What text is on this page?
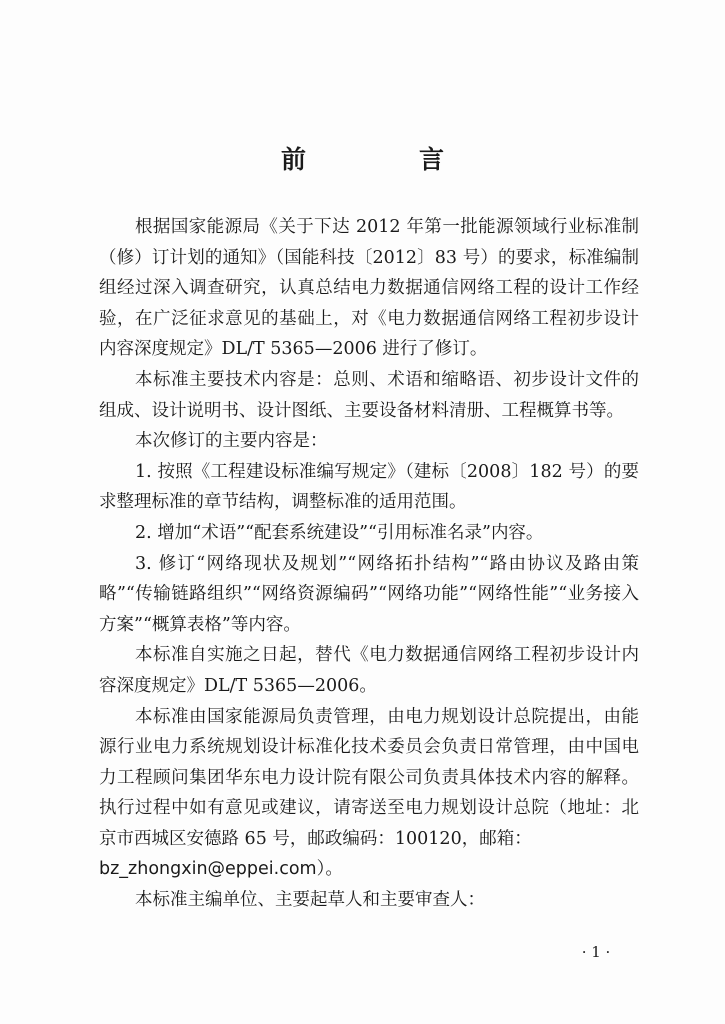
前　言

根据国家能源局《关于下达 2012 年第一批能源领域行业标准制（修）订计划的通知》（国能科技〔2012〕83 号）的要求，标准编制组经过深入调查研究，认真总结电力数据通信网络工程的设计工作经验，在广泛征求意见的基础上，对《电力数据通信网络工程初步设计内容深度规定》DL/T 5365—2006 进行了修订。

本标准主要技术内容是：总则、术语和缩略语、初步设计文件的组成、设计说明书、设计图纸、主要设备材料清册、工程概算书等。

本次修订的主要内容是：

1. 按照《工程建设标准编写规定》（建标〔2008〕182 号）的要求整理标准的章节结构，调整标准的适用范围。

2. 增加“术语”“配套系统建设”“引用标准名录”内容。

3. 修订“网络现状及规划”“网络拓扑结构”“路由协议及路由策略”“传输链路组织”“网络资源编码”“网络功能”“网络性能”“业务接入方案”“概算表格”等内容。

本标准自实施之日起，替代《电力数据通信网络工程初步设计内容深度规定》DL/T 5365—2006。

本标准由国家能源局负责管理，由电力规划设计总院提出，由能源行业电力系统规划设计标准化技术委员会负责日常管理，由中国电力工程顾问集团华东电力设计院有限公司负责具体技术内容的解释。执行过程中如有意见或建议，请寄送至电力规划设计总院（地址：北京市西城区安德路 65 号，邮政编码：100120，邮箱：

bz_zhongxin@eppei.com）。

本标准主编单位、主要起草人和主要审查人：

· 1 ·
